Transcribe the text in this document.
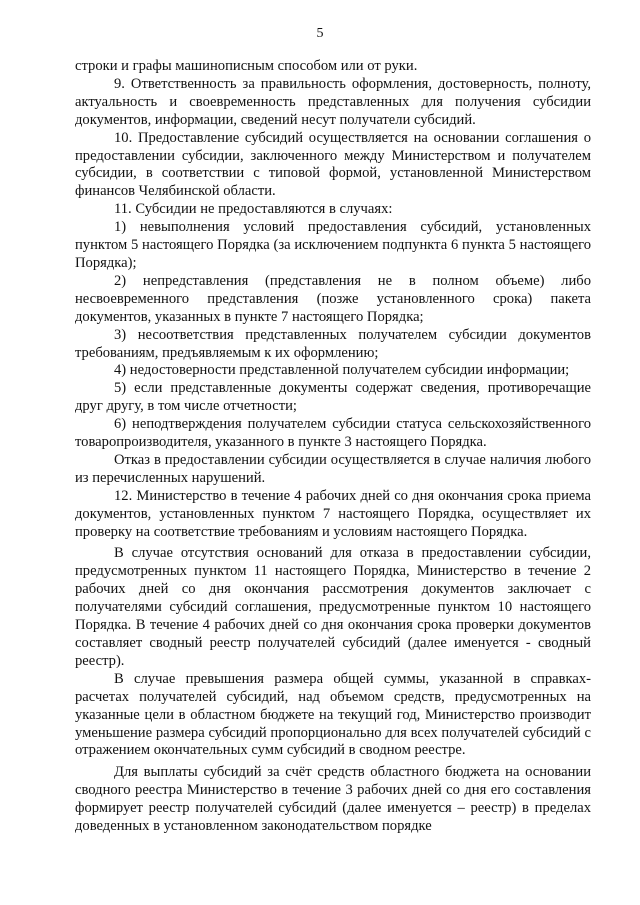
5

строки и графы машинописным способом или от руки.

9. Ответственность за правильность оформления, достоверность, полноту, актуальность и своевременность представленных для получения субсидии документов, информации, сведений несут получатели субсидий.

10. Предоставление субсидий осуществляется на основании соглашения о предоставлении субсидии, заключенного между Министерством и получателем субсидии, в соответствии с типовой формой, установленной Министерством финансов Челябинской области.

11. Субсидии не предоставляются в случаях:

1) невыполнения условий предоставления субсидий, установленных пунктом 5 настоящего Порядка (за исключением подпункта 6 пункта 5 настоящего Порядка);

2) непредставления (представления не в полном объеме) либо несвоевременного представления (позже установленного срока) пакета документов, указанных в пункте 7 настоящего Порядка;

3) несоответствия представленных получателем субсидии документов требованиям, предъявляемым к их оформлению;

4) недостоверности представленной получателем субсидии информации;

5) если представленные документы содержат сведения, противоречащие друг другу, в том числе отчетности;

6) неподтверждения получателем субсидии статуса сельскохозяйственного товаропроизводителя, указанного в пункте 3 настоящего Порядка.

Отказ в предоставлении субсидии осуществляется в случае наличия любого из перечисленных нарушений.

12. Министерство в течение 4 рабочих дней со дня окончания срока приема документов, установленных пунктом 7 настоящего Порядка, осуществляет их проверку на соответствие требованиям и условиям настоящего Порядка.

В случае отсутствия оснований для отказа в предоставлении субсидии, предусмотренных пунктом 11 настоящего Порядка, Министерство в течение 2 рабочих дней со дня окончания рассмотрения документов заключает с получателями субсидий соглашения, предусмотренные пунктом 10 настоящего Порядка. В течение 4 рабочих дней со дня окончания срока проверки документов составляет сводный реестр получателей субсидий (далее именуется - сводный реестр).

В случае превышения размера общей суммы, указанной в справках-расчетах получателей субсидий, над объемом средств, предусмотренных на указанные цели в областном бюджете на текущий год, Министерство производит уменьшение размера субсидий пропорционально для всех получателей субсидий с отражением окончательных сумм субсидий в сводном реестре.

Для выплаты субсидий за счёт средств областного бюджета на основании сводного реестра Министерство в течение 3 рабочих дней со дня его составления формирует реестр получателей субсидий (далее именуется – реестр) в пределах доведенных в установленном законодательством порядке
